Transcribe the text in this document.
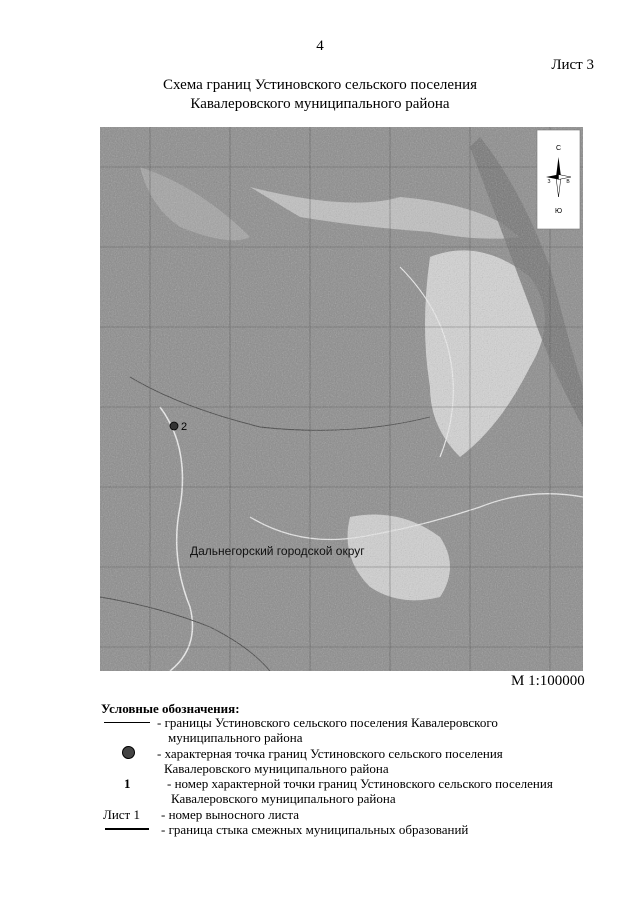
4
Лист 3
Схема границ Устиновского сельского поселения
Кавалеровского муниципального района
2
Дальнегорский городской округ
С
З	В
Ю
М 1:100000
Условные обозначения:
- границы Устиновского сельского поселения Кавалеровского
муниципального района
- характерная точка границ Устиновского сельского поселения
Кавалеровского муниципального района
1	- номер характерной точки границ Устиновского сельского поселения
Кавалеровского муниципального района
Лист 1 - номер выносного листа
- граница стыка смежных муниципальных образований
